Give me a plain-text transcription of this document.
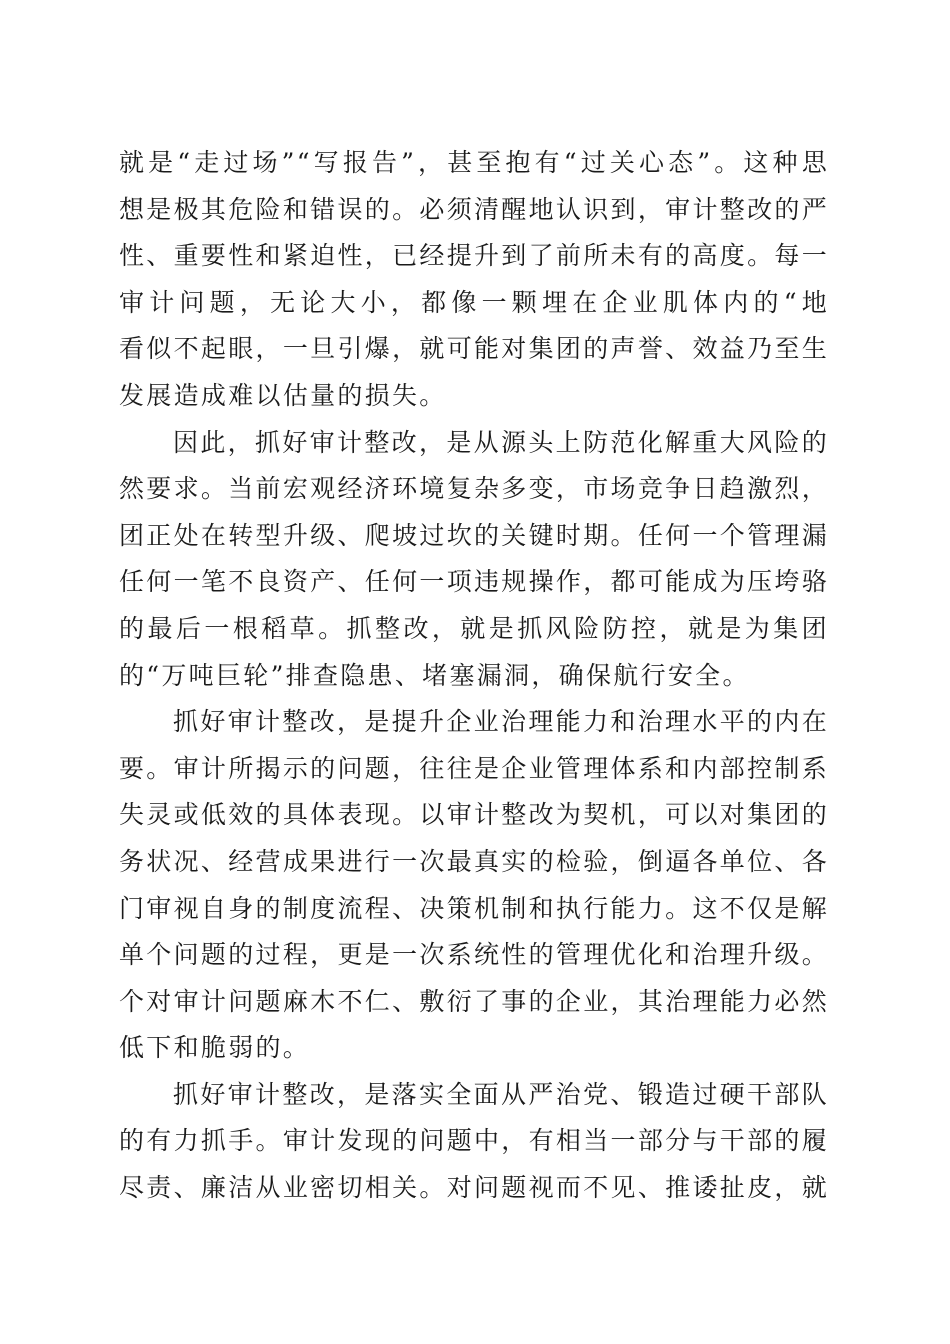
就是“走过场”“写报告”，甚至抱有“过关心态”。这种思
想是极其危险和错误的。必须清醒地认识到，审计整改的严
性、重要性和紧迫性，已经提升到了前所未有的高度。每一
审计问题，无论大小，都像一颗埋在企业肌体内的“地
看似不起眼，一旦引爆，就可能对集团的声誉、效益乃至生
发展造成难以估量的损失。
因此，抓好审计整改，是从源头上防范化解重大风险的
然要求。当前宏观经济环境复杂多变，市场竞争日趋激烈，
团正处在转型升级、爬坡过坎的关键时期。任何一个管理漏
任何一笔不良资产、任何一项违规操作，都可能成为压垮骆
的最后一根稻草。抓整改，就是抓风险防控，就是为集团
的“万吨巨轮”排查隐患、堵塞漏洞，确保航行安全。
抓好审计整改，是提升企业治理能力和治理水平的内在
要。审计所揭示的问题，往往是企业管理体系和内部控制系
失灵或低效的具体表现。以审计整改为契机，可以对集团的
务状况、经营成果进行一次最真实的检验，倒逼各单位、各
门审视自身的制度流程、决策机制和执行能力。这不仅是解
单个问题的过程，更是一次系统性的管理优化和治理升级。
个对审计问题麻木不仁、敷衍了事的企业，其治理能力必然
低下和脆弱的。
抓好审计整改，是落实全面从严治党、锻造过硬干部队
的有力抓手。审计发现的问题中，有相当一部分与干部的履
尽责、廉洁从业密切相关。对问题视而不见、推诿扯皮，就
